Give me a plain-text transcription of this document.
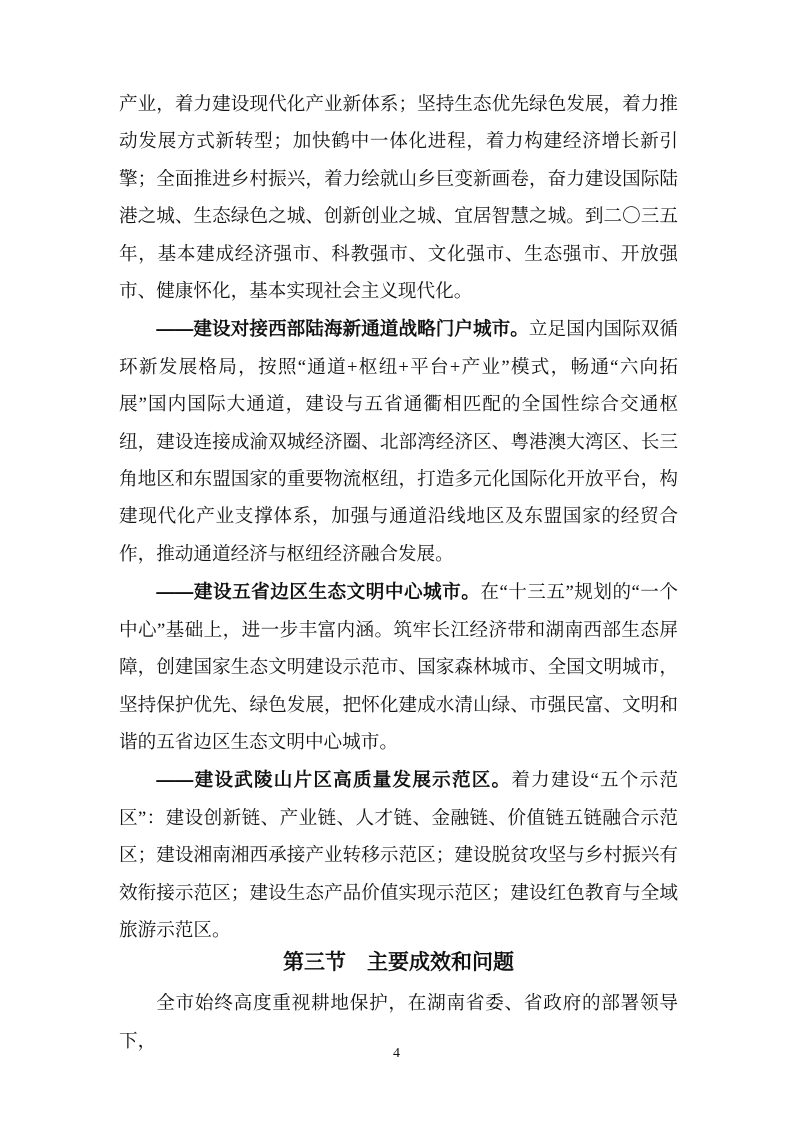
产业，着力建设现代化产业新体系；坚持生态优先绿色发展，着力推动发展方式新转型；加快鹤中一体化进程，着力构建经济增长新引擎；全面推进乡村振兴，着力绘就山乡巨变新画卷，奋力建设国际陆港之城、生态绿色之城、创新创业之城、宜居智慧之城。到二〇三五年，基本建成经济强市、科教强市、文化强市、生态强市、开放强市、健康怀化，基本实现社会主义现代化。

——建设对接西部陆海新通道战略门户城市。立足国内国际双循环新发展格局，按照“通道+枢纽+平台+产业”模式，畅通“六向拓展”国内国际大通道，建设与五省通衢相匹配的全国性综合交通枢纽，建设连接成渝双城经济圈、北部湾经济区、粤港澳大湾区、长三角地区和东盟国家的重要物流枢纽，打造多元化国际化开放平台，构建现代化产业支撑体系，加强与通道沿线地区及东盟国家的经贸合作，推动通道经济与枢纽经济融合发展。

——建设五省边区生态文明中心城市。在“十三五”规划的“一个中心”基础上，进一步丰富内涵。筑牢长江经济带和湖南西部生态屏障，创建国家生态文明建设示范市、国家森林城市、全国文明城市，坚持保护优先、绿色发展，把怀化建成水清山绿、市强民富、文明和谐的五省边区生态文明中心城市。

——建设武陵山片区高质量发展示范区。着力建设“五个示范区”：建设创新链、产业链、人才链、金融链、价值链五链融合示范区；建设湘南湘西承接产业转移示范区；建设脱贫攻坚与乡村振兴有效衔接示范区；建设生态产品价值实现示范区；建设红色教育与全域旅游示范区。

第三节　主要成效和问题

全市始终高度重视耕地保护，在湖南省委、省政府的部署领导下，

4
